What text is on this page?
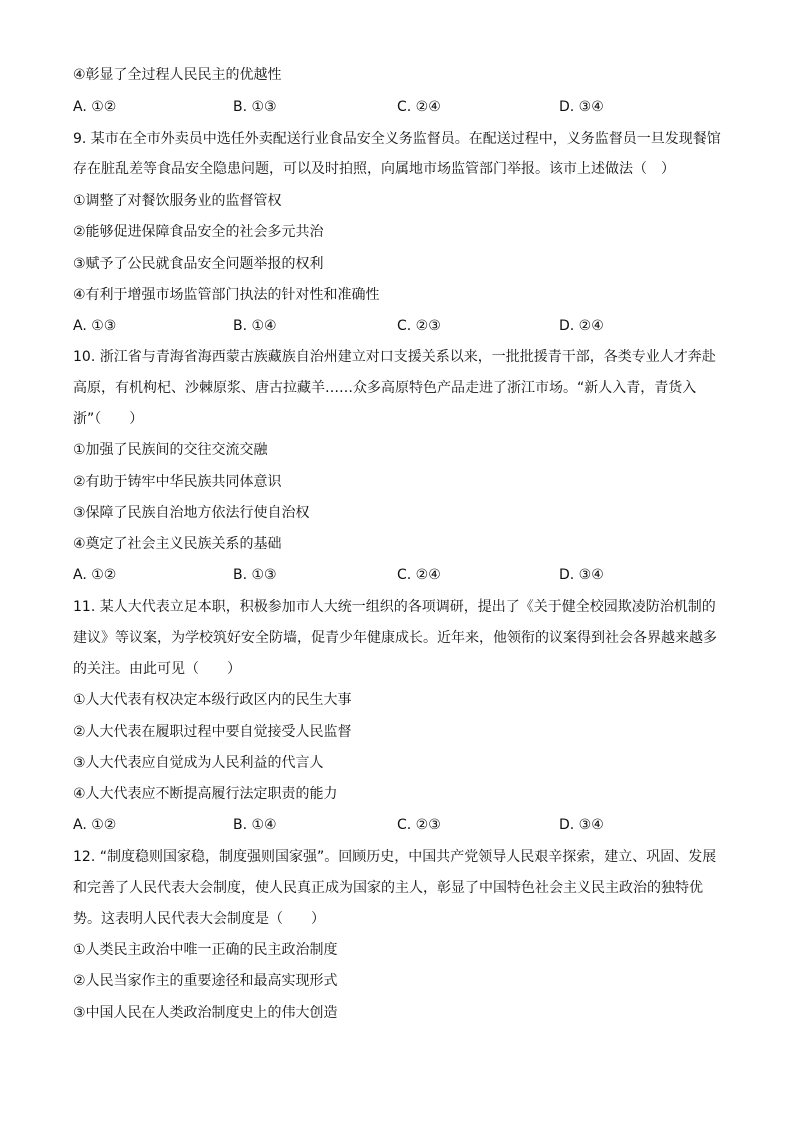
④彰显了全过程人民民主的优越性
A. ①②	B. ①③	C. ②④	D. ③④
9. 某市在全市外卖员中选任外卖配送行业食品安全义务监督员。在配送过程中，义务监督员一旦发现餐馆
存在脏乱差等食品安全隐患问题，可以及时拍照，向属地市场监管部门举报。该市上述做法（　）
①调整了对餐饮服务业的监督管权
②能够促进保障食品安全的社会多元共治
③赋予了公民就食品安全问题举报的权利
④有利于增强市场监管部门执法的针对性和准确性
A. ①③	B. ①④	C. ②③	D. ②④
10. 浙江省与青海省海西蒙古族藏族自治州建立对口支援关系以来，一批批援青干部，各类专业人才奔赴
高原，有机枸杞、沙棘原浆、唐古拉藏羊……众多高原特色产品走进了浙江市场。“新人入青，青货入
浙”（　　）
①加强了民族间的交往交流交融
②有助于铸牢中华民族共同体意识
③保障了民族自治地方依法行使自治权
④奠定了社会主义民族关系的基础
A. ①②	B. ①③	C. ②④	D. ③④
11. 某人大代表立足本职，积极参加市人大统一组织的各项调研，提出了《关于健全校园欺凌防治机制的
建议》等议案，为学校筑好安全防墙，促青少年健康成长。近年来，他领衔的议案得到社会各界越来越多
的关注。由此可见（　　）
①人大代表有权决定本级行政区内的民生大事
②人大代表在履职过程中要自觉接受人民监督
③人大代表应自觉成为人民利益的代言人
④人大代表应不断提高履行法定职责的能力
A. ①②	B. ①④	C. ②③	D. ③④
12. “制度稳则国家稳，制度强则国家强”。回顾历史，中国共产党领导人民艰辛探索，建立、巩固、发展
和完善了人民代表大会制度，使人民真正成为国家的主人，彰显了中国特色社会主义民主政治的独特优
势。这表明人民代表大会制度是（　　）
①人类民主政治中唯一正确的民主政治制度
②人民当家作主的重要途径和最高实现形式
③中国人民在人类政治制度史上的伟大创造
